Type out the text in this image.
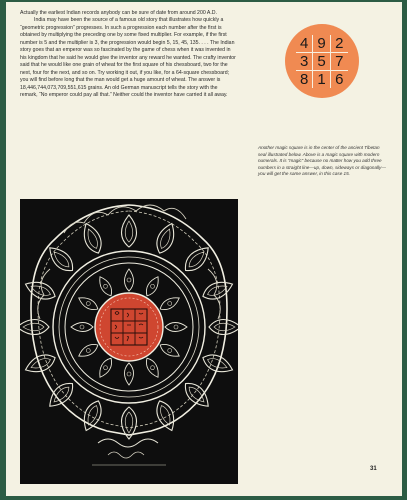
Actually the earliest Indian records anybody can be sure of date from around 200 A.D.

India may have been the source of a famous old story that illustrates how quickly a “geometric progression” progresses. In such a progression each number after the first is obtained by multiplying the preceding one by some fixed multiplier. For example, if the first number is 5 and the multiplier is 3, the progression would begin 5, 15, 45, 135. . . . The Indian story goes that an emperor was so fascinated by the game of chess when it was invented in his kingdom that he said he would give the inventor any reward he wanted. The crafty inventor said that he would like one grain of wheat for the first square of his chessboard, two for the next, four for the next, and so on. Try working it out, if you like, for a 64-square chessboard; you will find before long that the man would get a huge amount of wheat. The answer is 18,446,744,073,709,551,615 grains. An old German manuscript tells the story with the remark, “No emperor could pay all that.” Neither could the inventor have carried it all away.

4 9 2
3 5 7
8 1 6
Another magic square is in the center of the ancient Tibetan seal illustrated below. Above is a magic square with modern numerals. It is “magic” because no matter how you add three numbers in a straight line—up, down, sideways or diagonally—you will get the same answer, in this case 15.
31
